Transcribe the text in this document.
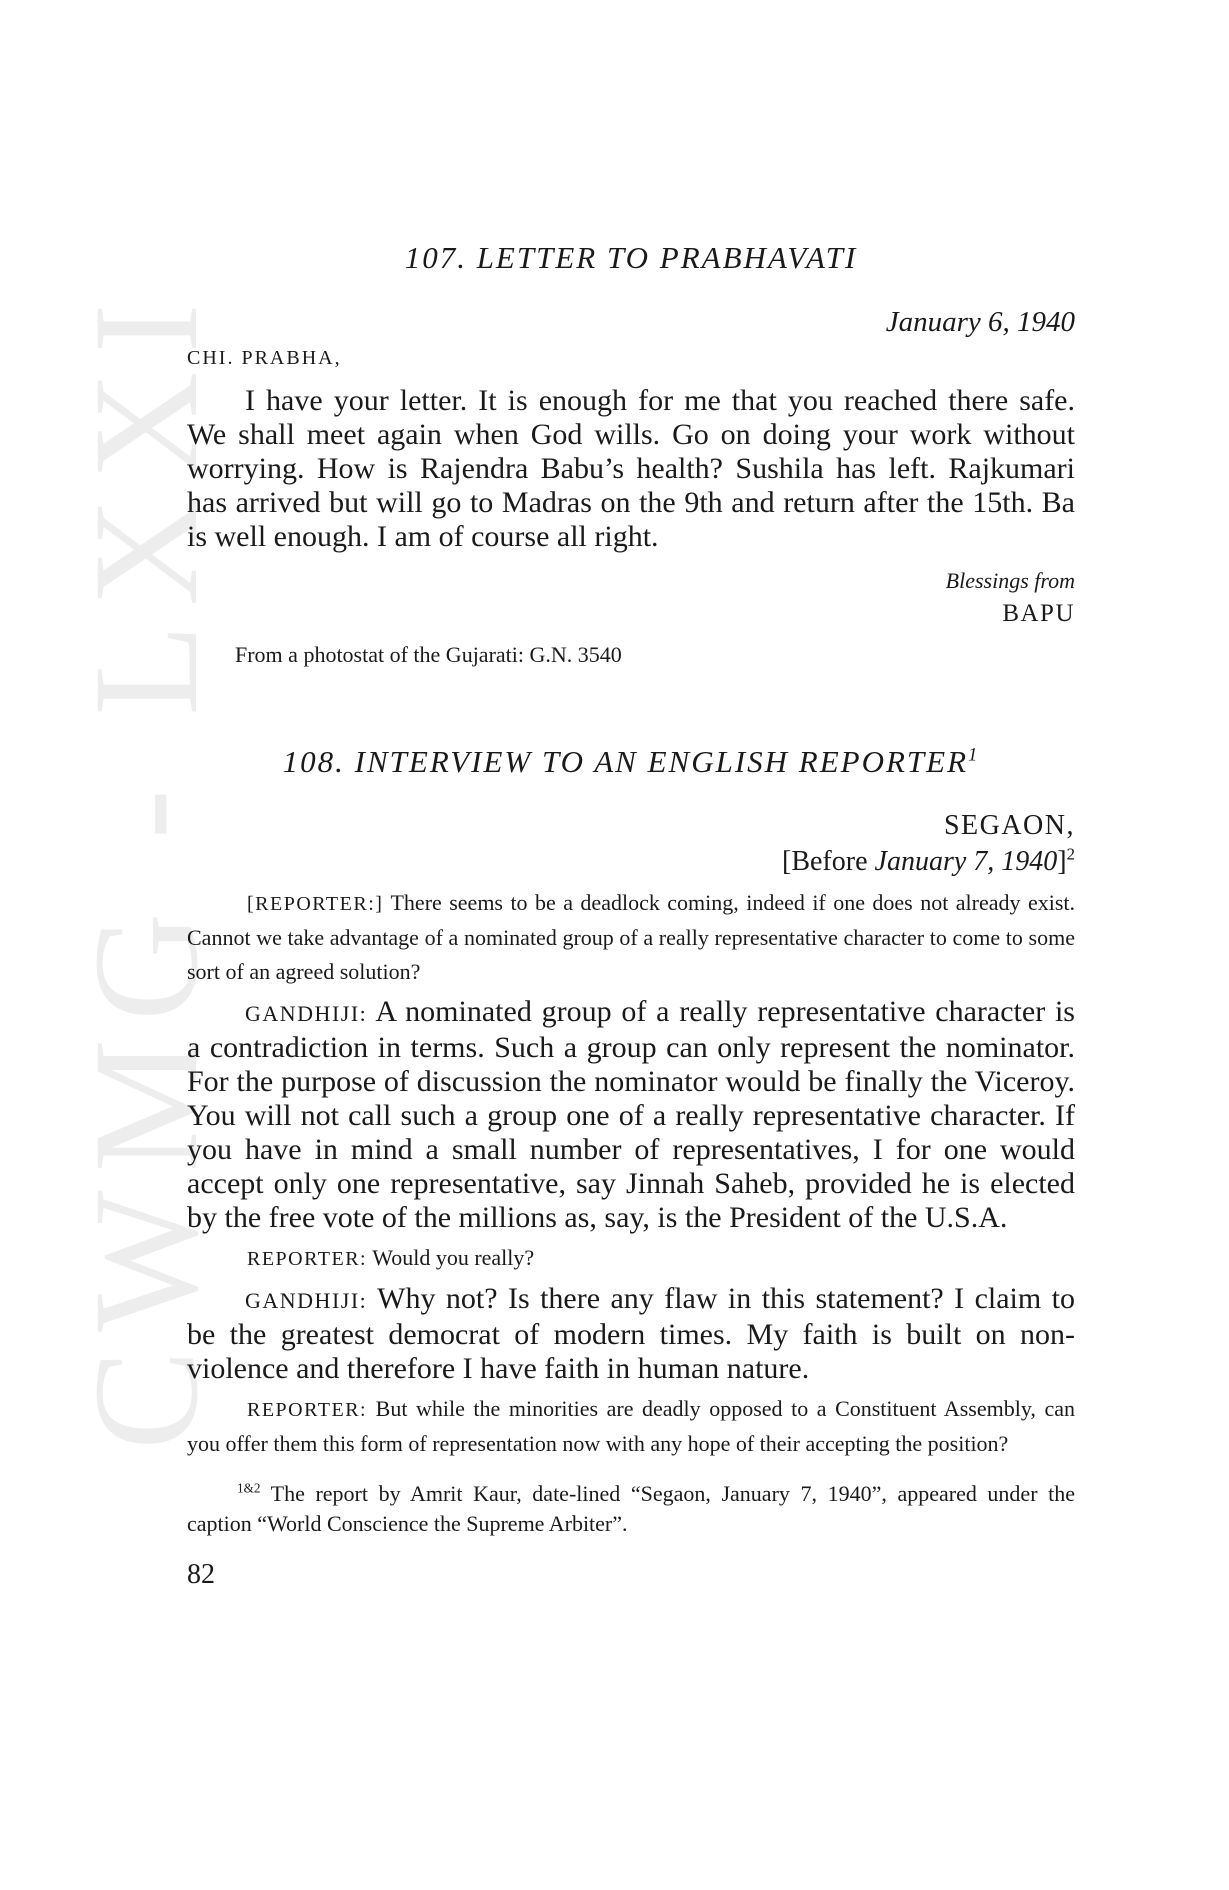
CWMG - LXXI
107. LETTER TO PRABHAVATI
January 6, 1940
CHI. PRABHA,

I have your letter. It is enough for me that you reached there safe. We shall meet again when God wills. Go on doing your work without worrying. How is Rajendra Babu’s health? Sushila has left. Rajkumari has arrived but will go to Madras on the 9th and return after the 15th. Ba is well enough. I am of course all right.

Blessings from
BAPU
From a photostat of the Gujarati: G.N. 3540
108. INTERVIEW TO AN ENGLISH REPORTER$^1$
SEGAON,
[Before January 7, 1940]$^2$

[REPORTER:] There seems to be a deadlock coming, indeed if one does not already exist. Cannot we take advantage of a nominated group of a really representative character to come to some sort of an agreed solution?

GANDHIJI: A nominated group of a really representative character is a contradiction in terms. Such a group can only represent the nominator. For the purpose of discussion the nominator would be finally the Viceroy. You will not call such a group one of a really representative character. If you have in mind a small number of representatives, I for one would accept only one representative, say Jinnah Saheb, provided he is elected by the free vote of the millions as, say, is the President of the U.S.A.

REPORTER: Would you really?

GANDHIJI: Why not? Is there any flaw in this statement? I claim to be the greatest democrat of modern times. My faith is built on non-violence and therefore I have faith in human nature.

REPORTER: But while the minorities are deadly opposed to a Constituent Assembly, can you offer them this form of representation now with any hope of their accepting the position?

$^{1\&2}$ The report by Amrit Kaur, date-lined “Segaon, January 7, 1940”, appeared under the caption “World Conscience the Supreme Arbiter”.
82
